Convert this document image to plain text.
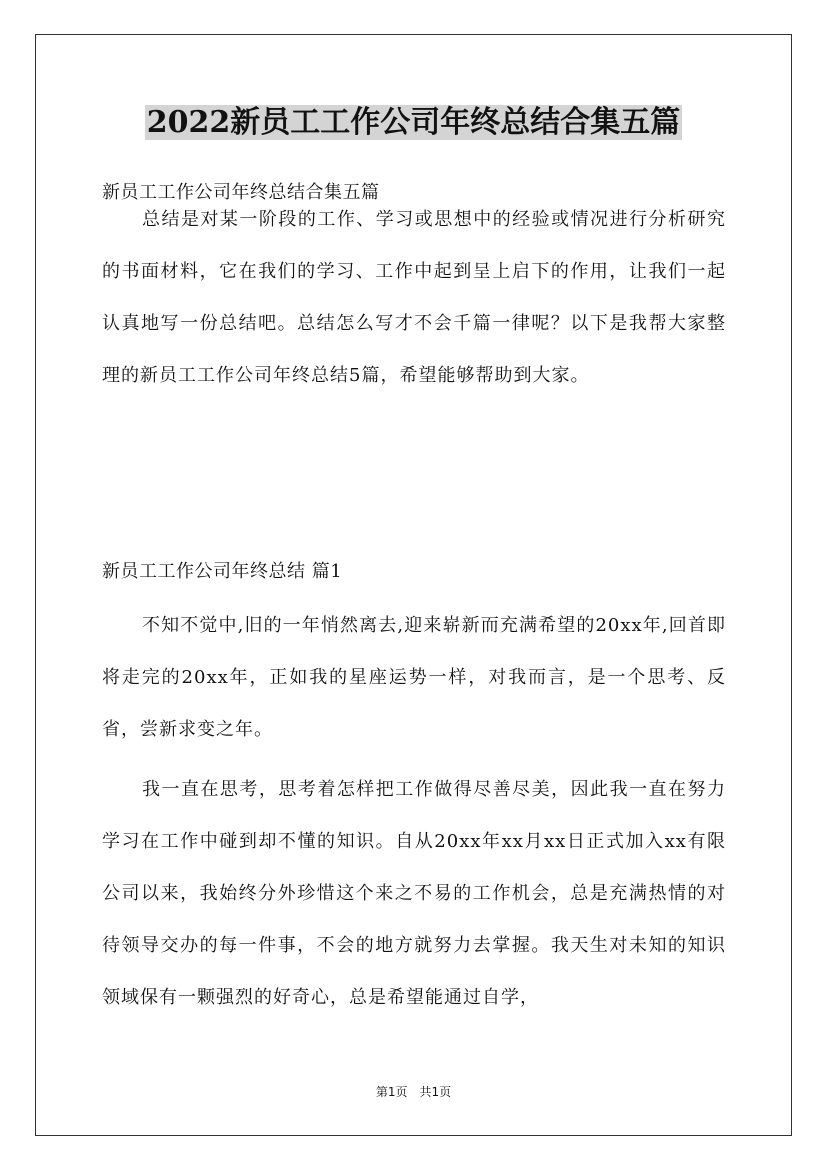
2022新员工工作公司年终总结合集五篇
新员工工作公司年终总结合集五篇

总结是对某一阶段的工作、学习或思想中的经验或情况进行分析研究的书面材料，它在我们的学习、工作中起到呈上启下的作用，让我们一起认真地写一份总结吧。总结怎么写才不会千篇一律呢？以下是我帮大家整理的新员工工作公司年终总结5篇，希望能够帮助到大家。

新员工工作公司年终总结 篇1

不知不觉中,旧的一年悄然离去,迎来崭新而充满希望的20xx年,回首即将走完的20xx年，正如我的星座运势一样，对我而言，是一个思考、反省，尝新求变之年。

我一直在思考，思考着怎样把工作做得尽善尽美，因此我一直在努力学习在工作中碰到却不懂的知识。自从20xx年xx月xx日正式加入xx有限公司以来，我始终分外珍惜这个来之不易的工作机会，总是充满热情的对待领导交办的每一件事，不会的地方就努力去掌握。我天生对未知的知识领域保有一颗强烈的好奇心，总是希望能通过自学，

第1页 共1页
